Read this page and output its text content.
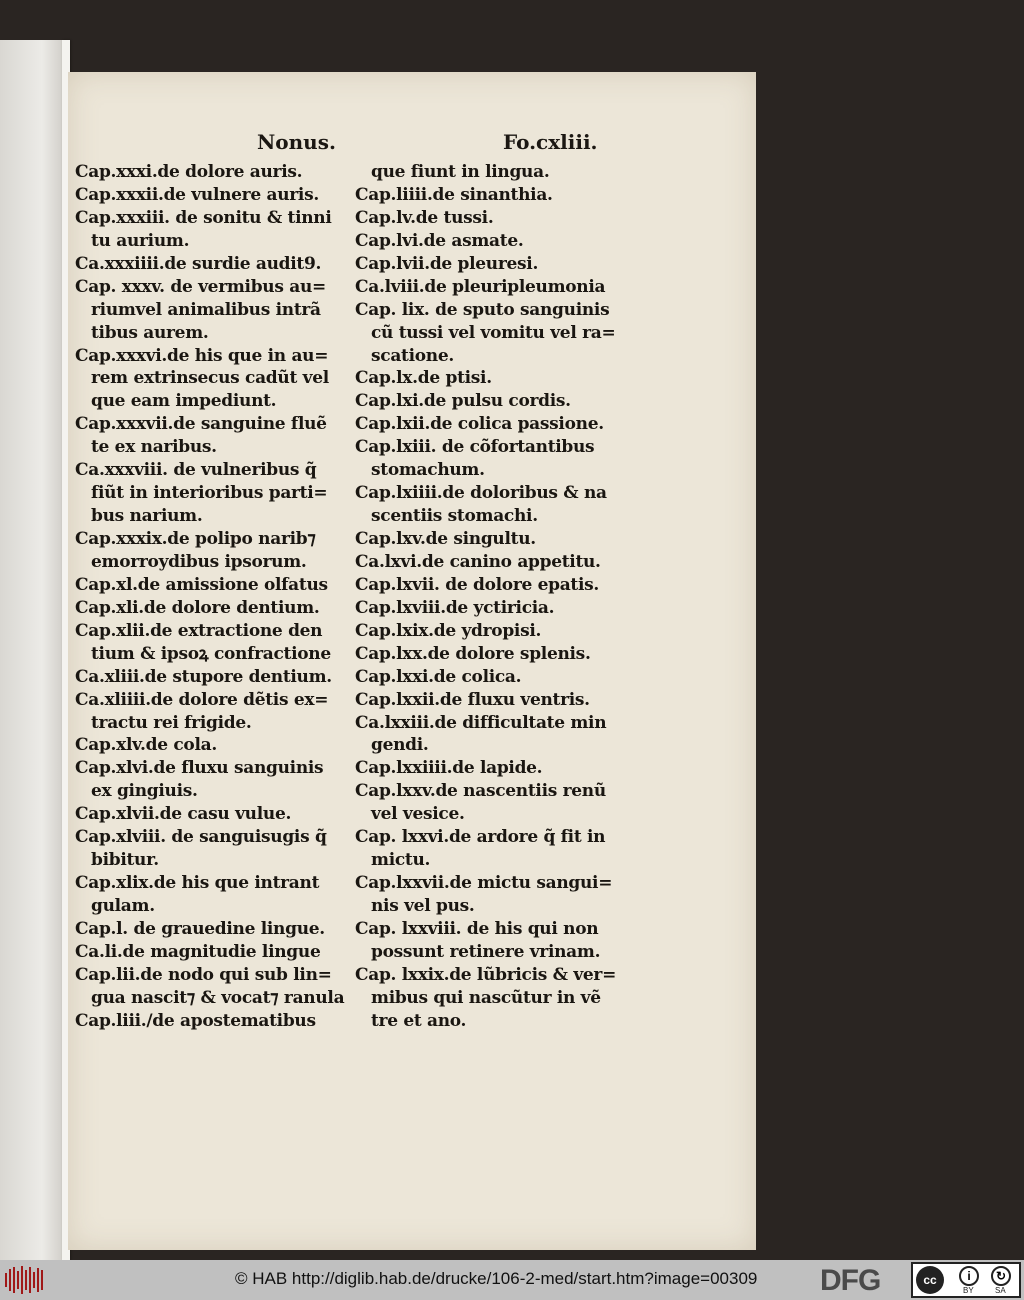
Nonus.	Fo.cxliii.
Cap.xxxi.de dolore auris.
Cap.xxxii.de vulnere auris.
Cap.xxxiii. de sonitu & tinni
tu aurium.
Ca.xxxiiii.de surdie audit9.
Cap. xxxv. de vermibus au=
riumvel animalibus intrã
tibus aurem.
Cap.xxxvi.de his que in au=
rem extrinsecus cadũt vel
que eam impediunt.
Cap.xxxvii.de sanguine fluẽ
te ex naribus.
Ca.xxxviii. de vulneribus q̃
fiũt in interioribus parti=
bus narium.
Cap.xxxix.de polipo narib⁊
emorroydibus ipsorum.
Cap.xl.de amissione olfatus
Cap.xli.de dolore dentium.
Cap.xlii.de extractione den
tium & ipsoꝝ confractione
Ca.xliii.de stupore dentium.
Ca.xliiii.de dolore dẽtis ex=
tractu rei frigide.
Cap.xlv.de cola.
Cap.xlvi.de fluxu sanguinis
ex gingiuis.
Cap.xlvii.de casu vulue.
Cap.xlviii. de sanguisugis q̃
bibitur.
Cap.xlix.de his que intrant
gulam.
Cap.l. de grauedine lingue.
Ca.li.de magnitudie lingue
Cap.lii.de nodo qui sub lin=
gua nascit⁊ & vocat⁊ ranula
Cap.liii./de apostematibus
que fiunt in lingua.
Cap.liiii.de sinanthia.
Cap.lv.de tussi.
Cap.lvi.de asmate.
Cap.lvii.de pleuresi.
Ca.lviii.de pleuripleumonia
Cap. lix. de sputo sanguinis
cũ tussi vel vomitu vel ra=
scatione.
Cap.lx.de ptisi.
Cap.lxi.de pulsu cordis.
Cap.lxii.de colica passione.
Cap.lxiii. de cõfortantibus
stomachum.
Cap.lxiiii.de doloribus & na
scentiis stomachi.
Cap.lxv.de singultu.
Ca.lxvi.de canino appetitu.
Cap.lxvii. de dolore epatis.
Cap.lxviii.de yctiricia.
Cap.lxix.de ydropisi.
Cap.lxx.de dolore splenis.
Cap.lxxi.de colica.
Cap.lxxii.de fluxu ventris.
Ca.lxxiii.de difficultate min
gendi.
Cap.lxxiiii.de lapide.
Cap.lxxv.de nascentiis renũ
vel vesice.
Cap. lxxvi.de ardore q̃ fit in
mictu.
Cap.lxxvii.de mictu sangui=
nis vel pus.
Cap. lxxviii. de his qui non
possunt retinere vrinam.
Cap. lxxix.de lũbricis & ver=
mibus qui nascũtur in vẽ
tre et ano.
© HAB http://diglib.hab.de/drucke/106-2-med/start.htm?image=00309 DFG	cc	i	↻
BY	SA
